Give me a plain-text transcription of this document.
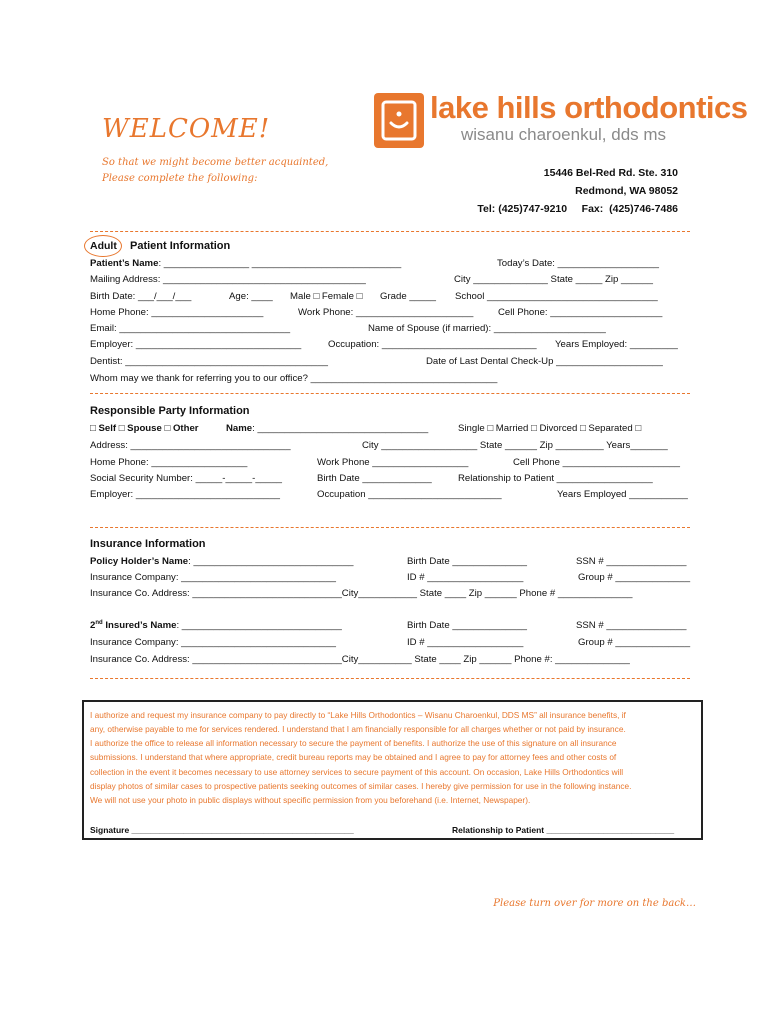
WELCOME!
So that we might become better acquainted,
Please complete the following:
lake hills orthodontics
wisanu charoenkul, dds ms
15446 Bel-Red Rd. Ste. 310
Redmond, WA 98052
Tel: (425)747-9210     Fax:  (425)746-7486
Adult Patient Information
Patient’s Name: ________________ ____________________________	Today’s Date: ___________________
Mailing Address: ______________________________________	City ______________ State _____ Zip ______
Birth Date: ___/___/___	Age: ____ Male □ Female □ Grade _____ School ________________________________
Home Phone: _____________________	Work Phone: ______________________	Cell Phone: _____________________
Email: ________________________________	Name of Spouse (if married): _____________________
Employer: _______________________________	Occupation: _____________________________ Years Employed: _________
Dentist: ______________________________________	Date of Last Dental Check-Up ____________________
Whom may we thank for referring you to our office? ___________________________________
Responsible Party Information
□ Self □ Spouse □ Other	Name: ________________________________	Single □ Married □ Divorced □ Separated □
Address: ______________________________	City __________________ State ______ Zip _________ Years_______
Home Phone: __________________	Work Phone __________________	Cell Phone ______________________
Social Security Number: _____-_____-_____	Birth Date _____________	Relationship to Patient __________________
Employer: ___________________________	Occupation _________________________	Years Employed ___________
Insurance Information
Policy Holder’s Name: ______________________________	Birth Date ______________	SSN # _______________
Insurance Company: _____________________________	ID # __________________	Group # ______________
Insurance Co. Address: ____________________________City___________ State ____ Zip ______ Phone # ______________
2nd Insured’s Name: ______________________________	Birth Date ______________	SSN # _______________
Insurance Company: _____________________________	ID # __________________	Group # ______________
Insurance Co. Address: ____________________________City__________ State ____ Zip ______ Phone #: ______________
I authorize and request my insurance company to pay directly to “Lake Hills Orthodontics – Wisanu Charoenkul, DDS MS” all insurance benefits, if
any, otherwise payable to me for services rendered. I understand that I am financially responsible for all charges whether or not paid by insurance.
I authorize the office to release all information necessary to secure the payment of benefits. I authorize the use of this signature on all insurance
submissions. I understand that where appropriate, credit bureau reports may be obtained and I agree to pay for attorney fees and other costs of
collection in the event it becomes necessary to use attorney services to secure payment of this account. On occasion, Lake Hills Orthodontics will
display photos of similar cases to prospective patients seeking outcomes of similar cases. I hereby give permission for use in the following instance.
We will not use your photo in public displays without specific permission from you beforehand (i.e. Internet, Newspaper).
Signature _______________________________________________	Relationship to Patient ___________________________
Please turn over for more on the back…
